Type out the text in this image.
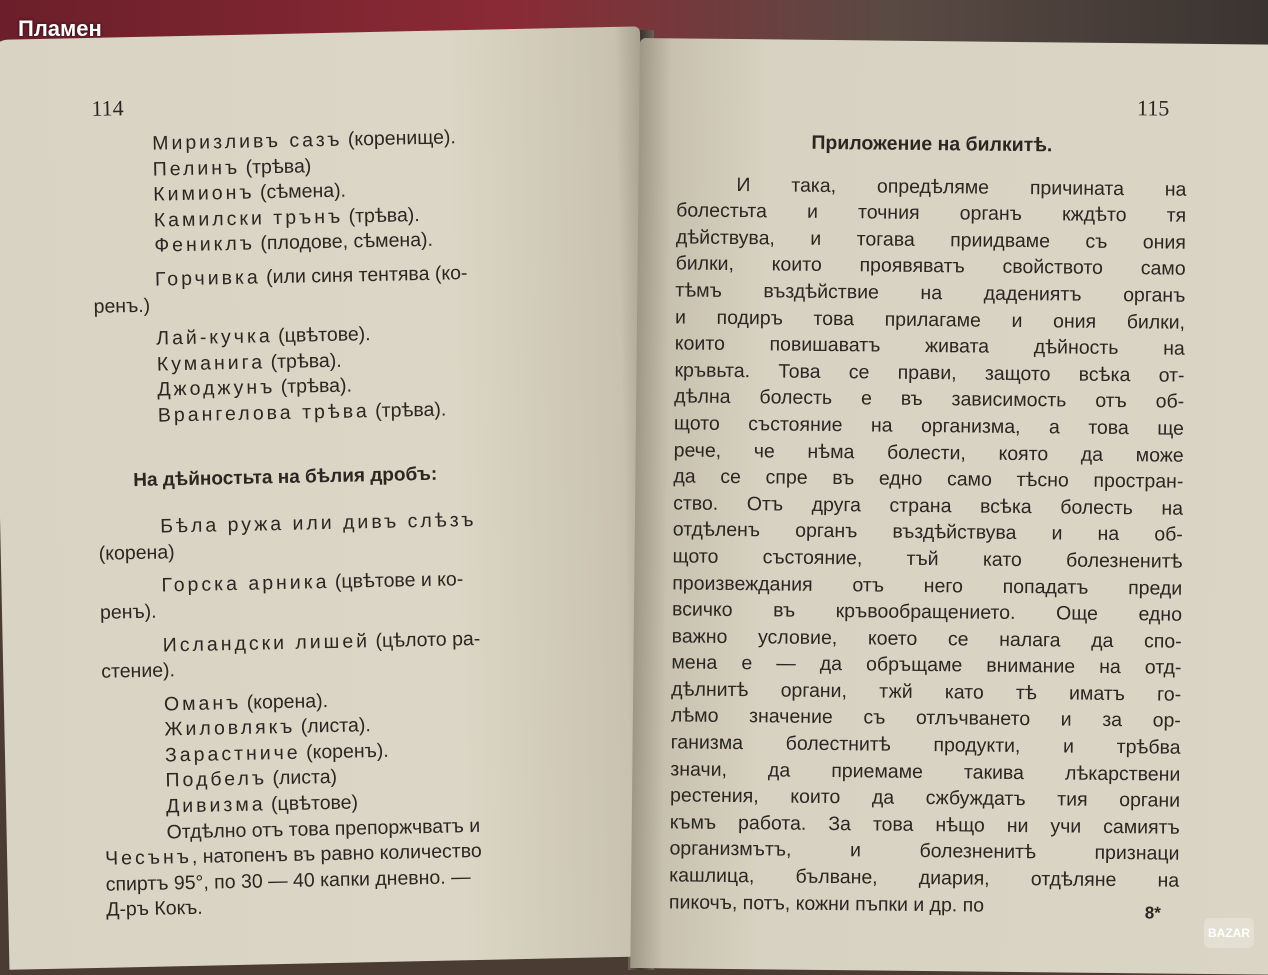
114
Миризливъ сазъ (коренище).
Пелинъ (трѣва)
Кимионъ (сѣмена).
Камилски трънъ (трѣва).
Фениклъ (плодове, сѣмена).
Горчивка (или синя тентява (ко-
ренъ.)
Лай-кучка (цвѣтове).
Куманига (трѣва).
Джоджунъ (трѣва).
Врангелова трѣва (трѣва).
На дѣйностьта на бѣлия дробъ:
Бѣла ружа или дивъ слѣзъ
(корена)
Горска арника (цвѣтове и ко-
ренъ).
Исландски лишей (цѣлото ра-
стение).
Оманъ (корена).
Жиловлякъ (листа).
Зарастниче (коренъ).
Подбелъ (листа)
Дивизма (цвѣтове)
Отдѣлно отъ това препоржчватъ и
Чесънъ, натопенъ въ равно количество
спиртъ 95°, по 30 — 40 капки дневно. —
Д-ръ Кокъ.
115
Приложение на билкитѣ.
И така, опредѣляме причината на
болестьта и точния органъ кждѣто тя
дѣйствува, и тогава приидваме съ ония
билки, които проявяватъ свойството само
тѣмъ въздѣйствие на дадениятъ органъ
и подиръ това прилагаме и ония билки,
които повишаватъ живата дѣйность на
кръвьта. Това се прави, защото всѣка от-
дѣлна болесть е въ зависимость отъ об-
щото състояние на организма, а това ще
рече, че нѣма болести, която да може
да се спре въ едно само тѣсно простран-
ство. Отъ друга страна всѣка болесть на
отдѣленъ органъ въздѣйствува и на об-
щото състояние, тъй като болезненитѣ
произвеждания отъ него попадатъ преди
всичко въ кръвообращението. Още едно
важно условие, което се налага да спо-
мена е — да обръщаме внимание на отд-
дѣлнитѣ органи, тжй като тѣ иматъ го-
лѣмо значение съ отлъчването и за ор-
ганизма болестнитѣ продукти, и трѣбва
значи, да приемаме такива лѣкарствени
рестения, които да сжбуждатъ тия органи
къмъ работа. За това нѣщо ни учи самиятъ
организмътъ, и болезненитѣ признаци
кашлица, бълване, диария, отдѣляне на
пикочъ, потъ, кожни пъпки и др. по	8*
Пламен
BAZAR
